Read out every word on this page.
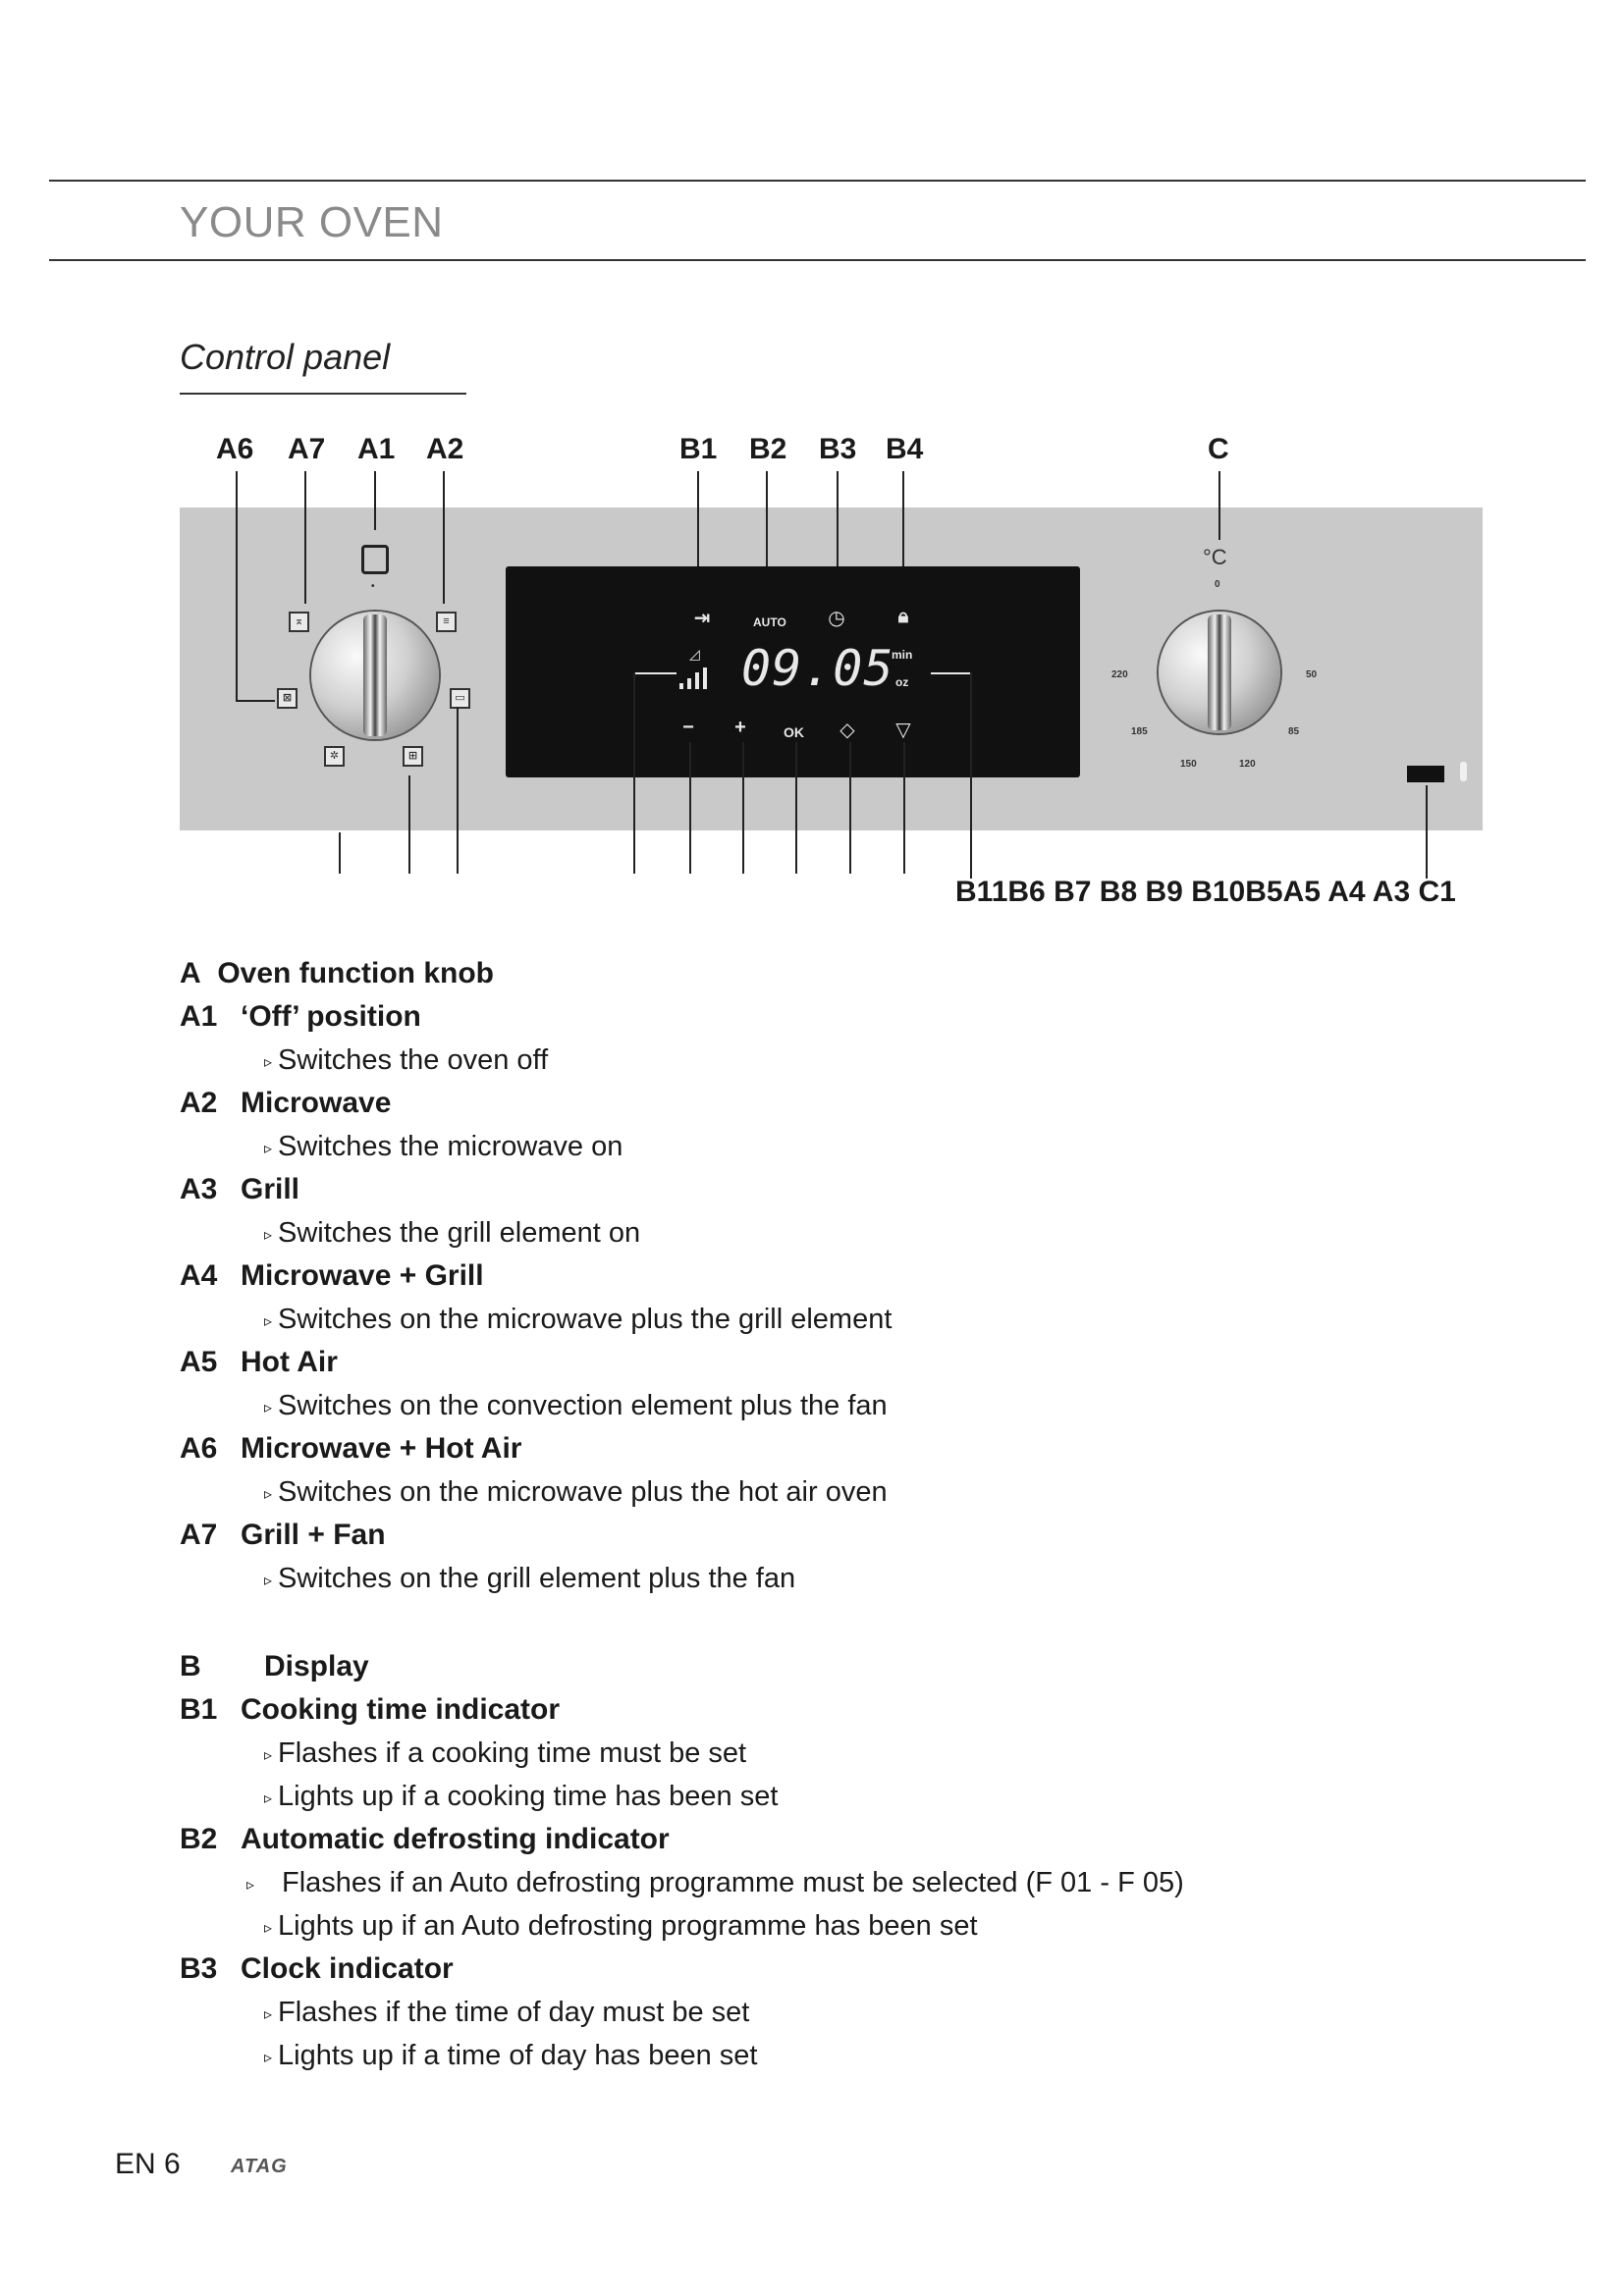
YOUR OVEN
Control panel
A6 A7 A1 A2	B1 B2 B3 B4	C
•
⌅	≡
⊠	▭
✲	⊞
⇥	AUTO	◷	🔒︎
◿ 09.05
min
oz
−	+	OK	◇	▽
°C
0
220	50
185	85
150	120
B11B6 B7 B8 B9 B10B5A5 A4 A3 C1
A Oven function knob
A1 ‘Off’ position
▹ Switches the oven off
A2 Microwave
▹ Switches the microwave on
A3 Grill
▹ Switches the grill element on
A4 Microwave + Grill
▹ Switches on the microwave plus the grill element
A5 Hot Air
▹ Switches on the convection element plus the fan
A6 Microwave + Hot Air
▹ Switches on the microwave plus the hot air oven
A7 Grill + Fan
▹ Switches on the grill element plus the fan
B Display
B1 Cooking time indicator
▹ Flashes if a cooking time must be set
▹ Lights up if a cooking time has been set
B2 Automatic defrosting indicator
▹ Flashes if an Auto defrosting programme must be selected (F 01 - F 05)
▹ Lights up if an Auto defrosting programme has been set
B3 Clock indicator
▹ Flashes if the time of day must be set
▹ Lights up if a time of day has been set
EN 6	ATAG
